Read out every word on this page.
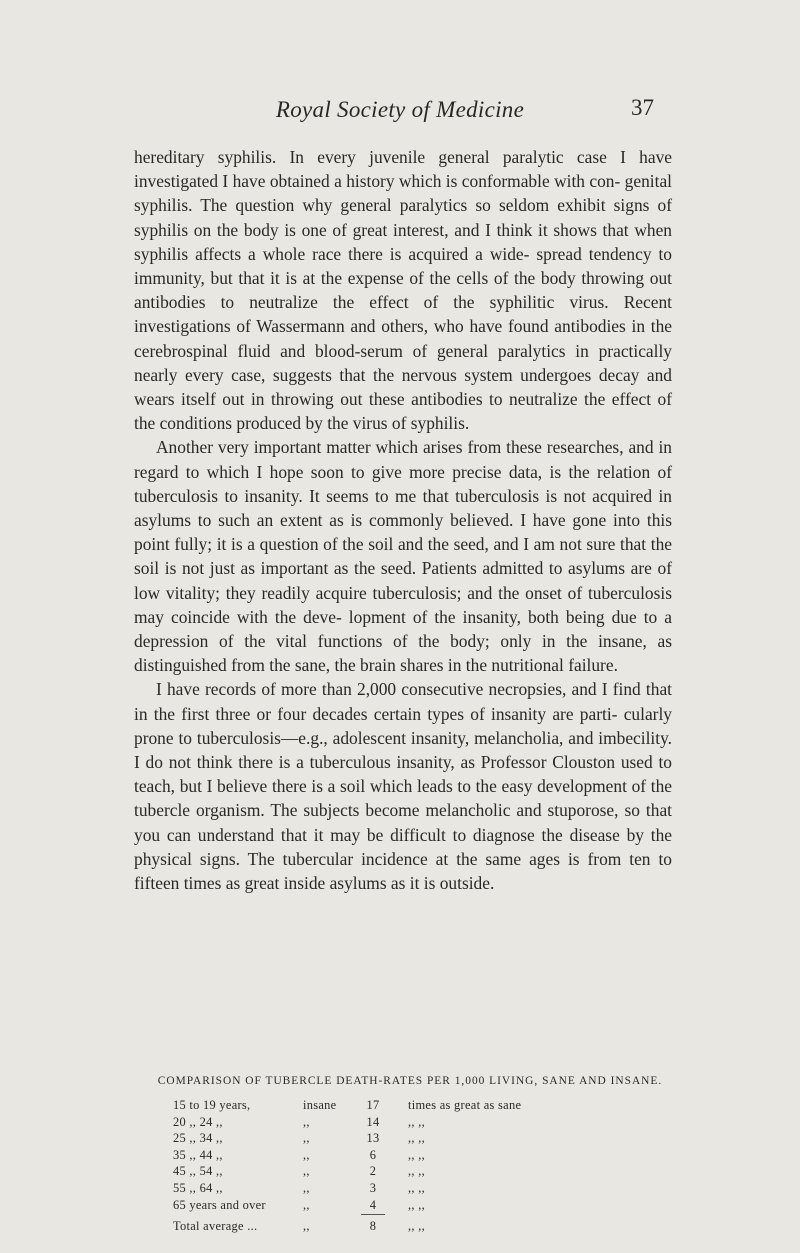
Royal Society of Medicine	37

hereditary syphilis. In every juvenile general paralytic case I have investigated I have obtained a history which is conformable with con- genital syphilis. The question why general paralytics so seldom exhibit signs of syphilis on the body is one of great interest, and I think it shows that when syphilis affects a whole race there is acquired a wide- spread tendency to immunity, but that it is at the expense of the cells of the body throwing out antibodies to neutralize the effect of the syphilitic virus. Recent investigations of Wassermann and others, who have found antibodies in the cerebrospinal fluid and blood-serum of general paralytics in practically nearly every case, suggests that the nervous system undergoes decay and wears itself out in throwing out these antibodies to neutralize the effect of the conditions produced by the virus of syphilis.

Another very important matter which arises from these researches, and in regard to which I hope soon to give more precise data, is the relation of tuberculosis to insanity. It seems to me that tuberculosis is not acquired in asylums to such an extent as is commonly believed. I have gone into this point fully; it is a question of the soil and the seed, and I am not sure that the soil is not just as important as the seed. Patients admitted to asylums are of low vitality; they readily acquire tuberculosis; and the onset of tuberculosis may coincide with the deve- lopment of the insanity, both being due to a depression of the vital functions of the body; only in the insane, as distinguished from the sane, the brain shares in the nutritional failure.

I have records of more than 2,000 consecutive necropsies, and I find that in the first three or four decades certain types of insanity are parti- cularly prone to tuberculosis—e.g., adolescent insanity, melancholia, and imbecility. I do not think there is a tuberculous insanity, as Professor Clouston used to teach, but I believe there is a soil which leads to the easy development of the tubercle organism. The subjects become melancholic and stuporose, so that you can understand that it may be difficult to diagnose the disease by the physical signs. The tubercular incidence at the same ages is from ten to fifteen times as great inside asylums as it is outside.

COMPARISON OF TUBERCLE DEATH-RATES PER 1,000 LIVING, SANE AND INSANE.
15 to 19 years,	insane	17	times as great as sane
20 ,, 24 ,,	,,	14	,, ,,
25 ,, 34 ,,	,,	13	,, ,,
35 ,, 44 ,,	,,	6	,, ,,
45 ,, 54 ,,	,,	2	,, ,,
55 ,, 64 ,,	,,	3	,, ,,
65 years and over	,,	4	,, ,,
Total average ...	,,	8	,, ,,
